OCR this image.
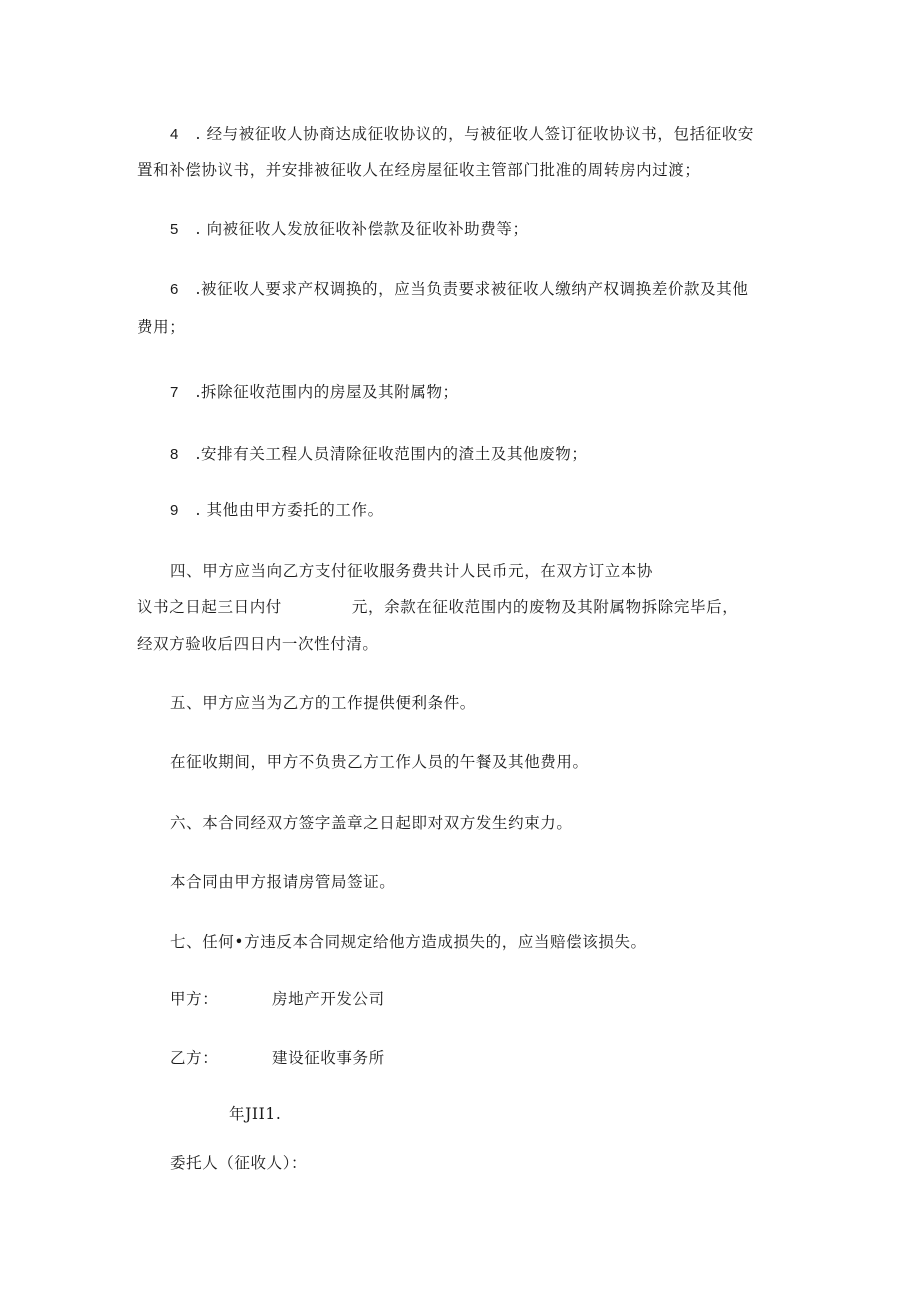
4 . 经与被征收人协商达成征收协议的，与被征收人签订征收协议书，包括征收安
置和补偿协议书，并安排被征收人在经房屋征收主管部门批准的周转房内过渡；
5 . 向被征收人发放征收补偿款及征收补助费等；
6 .被征收人要求产权调换的，应当负责要求被征收人缴纳产权调换差价款及其他
费用；
7 .拆除征收范围内的房屋及其附属物；
8 .安排有关工程人员清除征收范围内的渣土及其他废物；
9 . 其他由甲方委托的工作。
四、甲方应当向乙方支付征收服务费共计人民币元，在双方订立本协
议书之日起三日内付	元，余款在征收范围内的废物及其附属物拆除完毕后，
经双方验收后四日内一次性付清。
五、甲方应当为乙方的工作提供便利条件。
在征收期间，甲方不负贵乙方工作人员的午餐及其他费用。
六、本合同经双方签字盖章之日起即对双方发生约束力。
本合同由甲方报请房管局签证。
七、任何•方违反本合同规定给他方造成损失的，应当赔偿该损失。
甲方：	房地产开发公司
乙方：	建设征收事务所
年JII1.
委托人（征收人）：
